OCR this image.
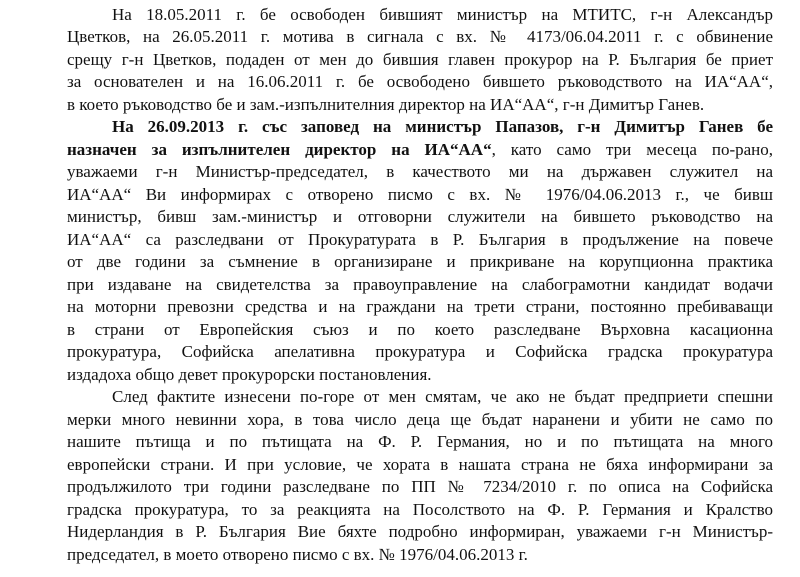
На 18.05.2011 г. бе освободен бившият министър на МТИТС, г-н Александър
Цветков, на 26.05.2011 г. мотива в сигнала с вх. № 4173/06.04.2011 г. с обвинение
срещу г-н Цветков, подаден от мен до бившия главен прокурор на Р. България бе приет
за основателен и на 16.06.2011 г. бе освободено бившето ръководството на ИА“АА“,
в което ръководство бе и зам.-изпълнителния директор на ИА“АА“, г-н Димитър Ганев.
На 26.09.2013 г. със заповед на министър Папазов, г-н Димитър Ганев бе
назначен за изпълнителен директор на ИА“АА“, като само три месеца по-рано,
уважаеми г-н Министър-председател, в качеството ми на държавен служител на
ИА“АА“ Ви информирах с отворено писмо с вх. № 1976/04.06.2013 г., че бивш
министър, бивш зам.-министър и отговорни служители на бившето ръководство на
ИА“АА“ са разследвани от Прокуратурата в Р. България в продължение на повече
от две години за съмнение в организиране и прикриване на корупционна практика
при издаване на свидетелства за правоуправление на слабограмотни кандидат водачи
на моторни превозни средства и на граждани на трети страни, постоянно пребиваващи
в страни от Европейския съюз и по което разследване Върховна касационна
прокуратура, Софийска апелативна прокуратура и Софийска градска прокуратура
издадоха общо девет прокурорски постановления.
След фактите изнесени по-горе от мен смятам, че ако не бъдат предприети спешни
мерки много невинни хора, в това число деца ще бъдат наранени и убити не само по
нашите пътища и по пътищата на Ф. Р. Германия, но и по пътищата на много
европейски страни. И при условие, че хората в нашата страна не бяха информирани за
продължилото три години разследване по ПП № 7234/2010 г. по описа на Софийска
градска прокуратура, то за реакцията на Посолството на Ф. Р. Германия и Кралство
Нидерландия в Р. България Вие бяхте подробно информиран, уважаеми г-н Министър-
председател, в моето отворено писмо с вх. № 1976/04.06.2013 г.
